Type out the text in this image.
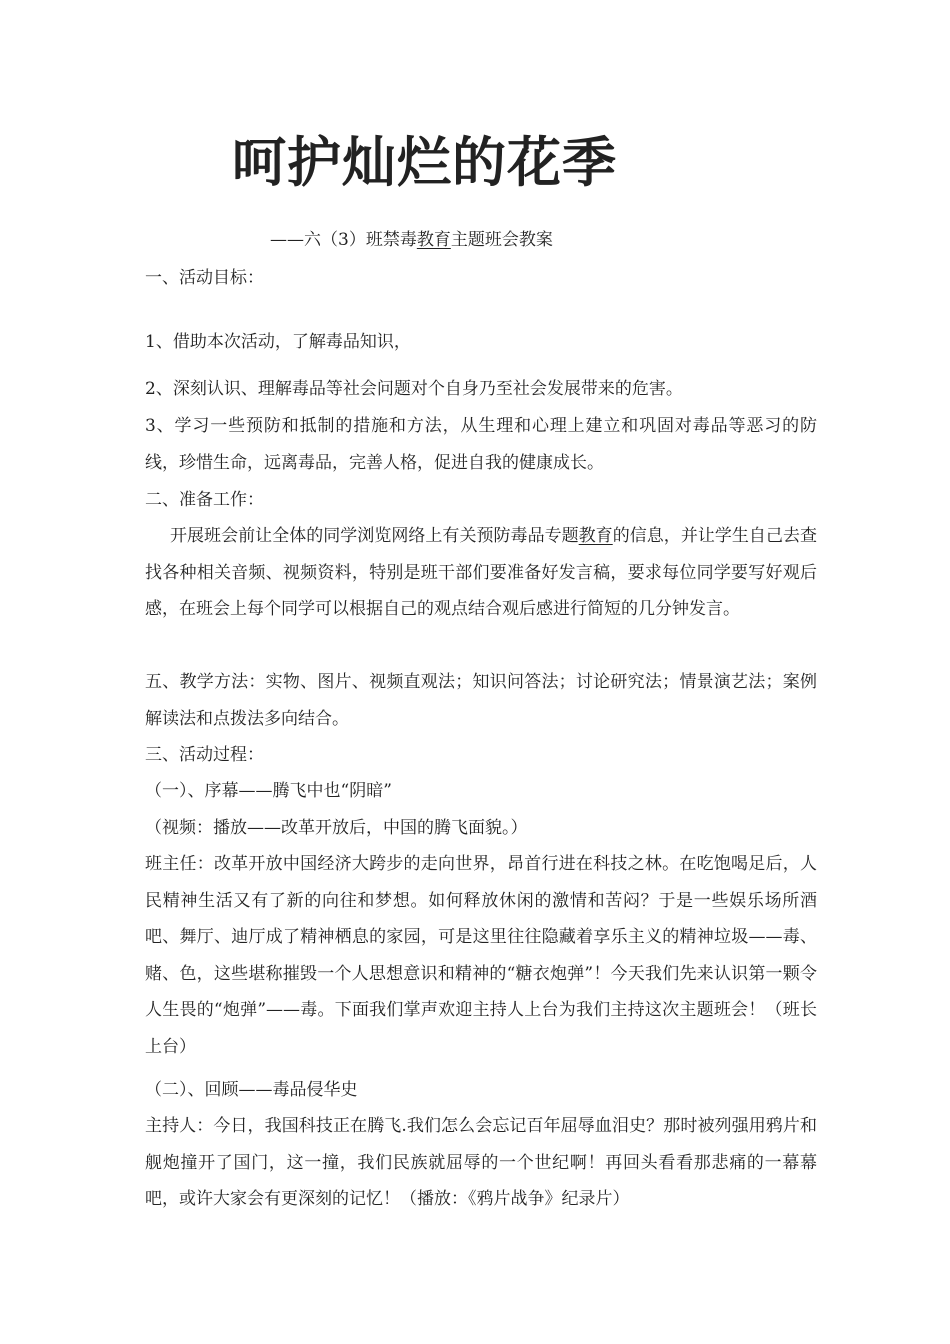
呵护灿烂的花季
——六（3）班禁毒教育主题班会教案
一、活动目标：
1、借助本次活动，了解毒品知识，
2、深刻认识、理解毒品等社会问题对个自身乃至社会发展带来的危害。
3、学习一些预防和抵制的措施和方法，从生理和心理上建立和巩固对毒品等恶习的防线，珍惜生命，远离毒品，完善人格，促进自我的健康成长。
二、准备工作：
开展班会前让全体的同学浏览网络上有关预防毒品专题教育的信息，并让学生自己去查找各种相关音频、视频资料，特别是班干部们要准备好发言稿，要求每位同学要写好观后感，在班会上每个同学可以根据自己的观点结合观后感进行简短的几分钟发言。
五、教学方法：实物、图片、视频直观法；知识问答法；讨论研究法；情景演艺法；案例解读法和点拨法多向结合。
三、活动过程：
（一）、序幕——腾飞中也“阴暗”
（视频：播放——改革开放后，中国的腾飞面貌。）
班主任：改革开放中国经济大跨步的走向世界，昂首行进在科技之林。在吃饱喝足后，人民精神生活又有了新的向往和梦想。如何释放休闲的激情和苦闷？于是一些娱乐场所酒吧、舞厅、迪厅成了精神栖息的家园，可是这里往往隐藏着享乐主义的精神垃圾——毒、赌、色，这些堪称摧毁一个人思想意识和精神的“糖衣炮弹”！今天我们先来认识第一颗令人生畏的“炮弹”——毒。下面我们掌声欢迎主持人上台为我们主持这次主题班会！（班长上台）
（二）、回顾——毒品侵华史
主持人：今日，我国科技正在腾飞.我们怎么会忘记百年屈辱血泪史？那时被列强用鸦片和舰炮撞开了国门，这一撞，我们民族就屈辱的一个世纪啊！再回头看看那悲痛的一幕幕吧，或许大家会有更深刻的记忆！（播放：《鸦片战争》纪录片）
